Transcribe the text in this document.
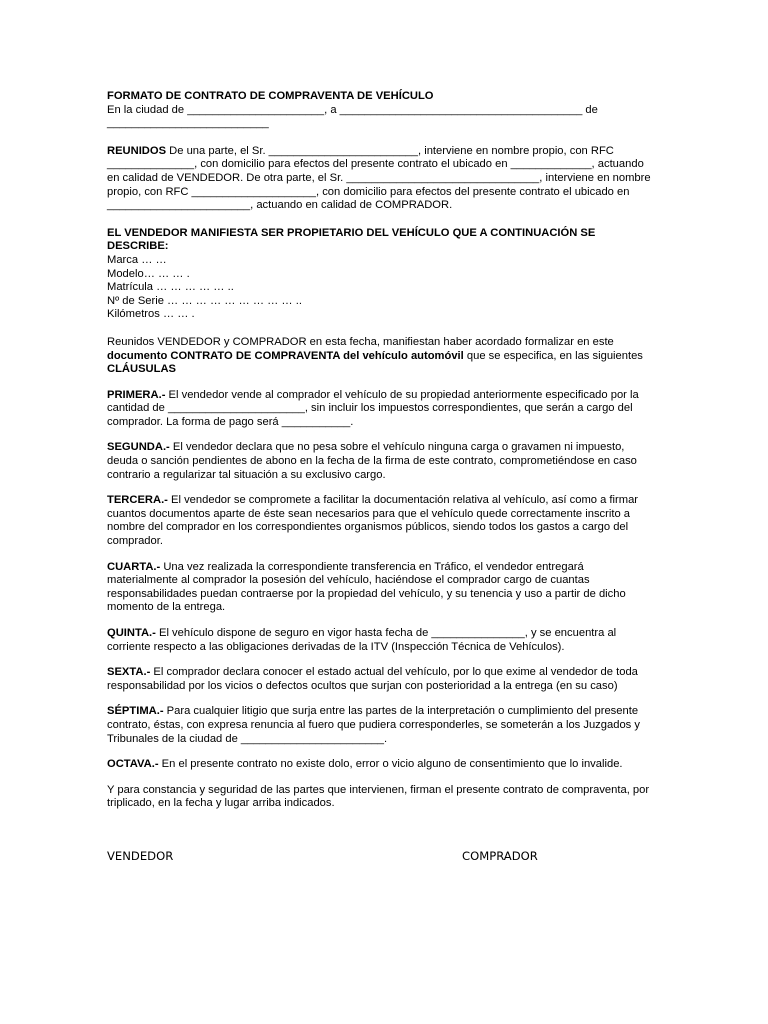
FORMATO DE CONTRATO DE COMPRAVENTA DE VEHÍCULO

En la ciudad de ______________________, a _______________________________________ de
__________________________

REUNIDOS De una parte, el Sr. ________________________, interviene en nombre propio, con RFC
______________, con domicilio para efectos del presente contrato el ubicado en _____________, actuando
en calidad de VENDEDOR. De otra parte, el Sr. _______________________________, interviene en nombre
propio, con RFC ____________________, con domicilio para efectos del presente contrato el ubicado en
_______________________, actuando en calidad de COMPRADOR.

EL VENDEDOR MANIFIESTA SER PROPIETARIO DEL VEHÍCULO QUE A CONTINUACIÓN SE
DESCRIBE:

Marca … …

Modelo… … … .

Matrícula … … … … … ..

Nº de Serie … … … … … … … … … ..

Kilómetros … … .

Reunidos VENDEDOR y COMPRADOR en esta fecha, manifiestan haber acordado formalizar en este
documento CONTRATO DE COMPRAVENTA del vehículo automóvil que se especifica, en las siguientes
CLÁUSULAS

PRIMERA.- El vendedor vende al comprador el vehículo de su propiedad anteriormente especificado por la
cantidad de ______________________, sin incluir los impuestos correspondientes, que serán a cargo del
comprador. La forma de pago será ___________.

SEGUNDA.- El vendedor declara que no pesa sobre el vehículo ninguna carga o gravamen ni impuesto,
deuda o sanción pendientes de abono en la fecha de la firma de este contrato, comprometiéndose en caso
contrario a regularizar tal situación a su exclusivo cargo.

TERCERA.- El vendedor se compromete a facilitar la documentación relativa al vehículo, así como a firmar
cuantos documentos aparte de éste sean necesarios para que el vehículo quede correctamente inscrito a
nombre del comprador en los correspondientes organismos públicos, siendo todos los gastos a cargo del
comprador.

CUARTA.- Una vez realizada la correspondiente transferencia en Tráfico, el vendedor entregará
materialmente al comprador la posesión del vehículo, haciéndose el comprador cargo de cuantas
responsabilidades puedan contraerse por la propiedad del vehículo, y su tenencia y uso a partir de dicho
momento de la entrega.

QUINTA.- El vehículo dispone de seguro en vigor hasta fecha de _______________, y se encuentra al
corriente respecto a las obligaciones derivadas de la ITV (Inspección Técnica de Vehículos).

SEXTA.- El comprador declara conocer el estado actual del vehículo, por lo que exime al vendedor de toda
responsabilidad por los vicios o defectos ocultos que surjan con posterioridad a la entrega (en su caso)

SÉPTIMA.- Para cualquier litigio que surja entre las partes de la interpretación o cumplimiento del presente
contrato, éstas, con expresa renuncia al fuero que pudiera corresponderles, se someterán a los Juzgados y
Tribunales de la ciudad de _______________________.

OCTAVA.- En el presente contrato no existe dolo, error o vicio alguno de consentimiento que lo invalide.

Y para constancia y seguridad de las partes que intervienen, firman el presente contrato de compraventa, por
triplicado, en la fecha y lugar arriba indicados.

VENDEDOR	COMPRADOR
